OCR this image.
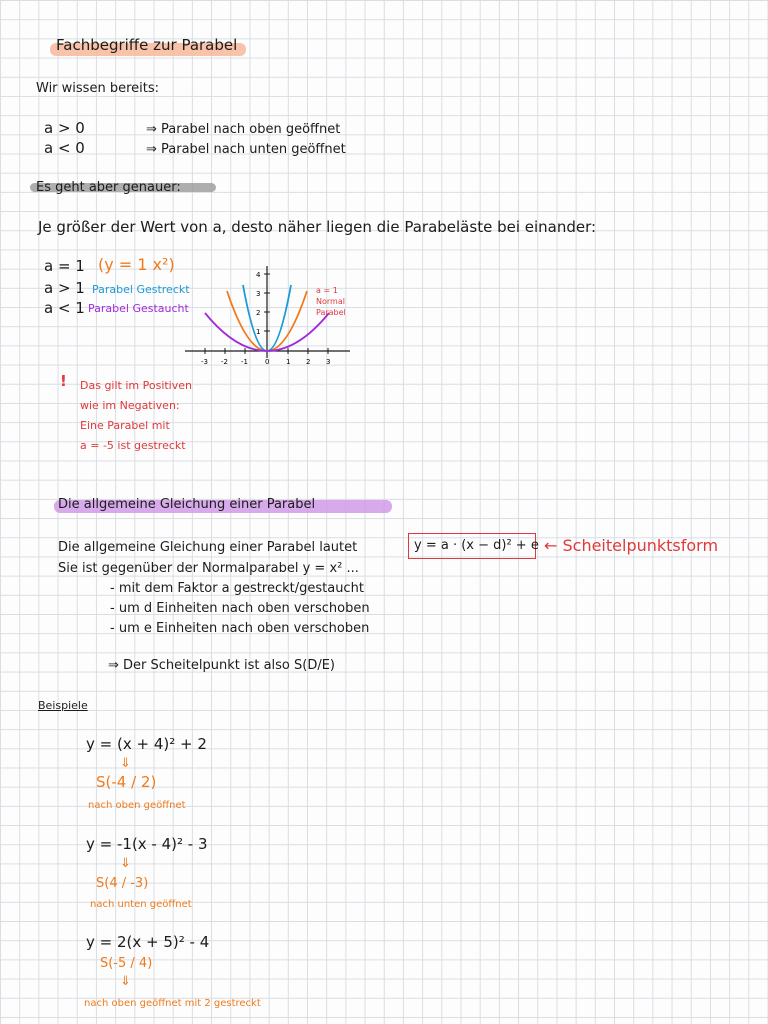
Fachbegriffe zur Parabel
Wir wissen bereits:
a > 0	⇒ Parabel nach oben geöffnet
a < 0	⇒ Parabel nach unten geöffnet
Es geht aber genauer:
Je größer der Wert von a, desto näher liegen die Parabeläste bei einander:
a = 1 (y = 1 x²)
a > 1 Parabel Gestreckt
a < 1 Parabel Gestaucht
-3 -2 -1 0 1 2 3
1
2
3
4
a = 1
Normal
Parabel
! Das gilt im Positiven
wie im Negativen:
Eine Parabel mit
a = -5 ist gestreckt
Die allgemeine Gleichung einer Parabel
Die allgemeine Gleichung einer Parabel lautet	y = a · (x − d)² + e ← Scheitelpunktsform
Sie ist gegenüber der Normalparabel y = x² ...
- mit dem Faktor a gestreckt/gestaucht
- um d Einheiten nach oben verschoben
- um e Einheiten nach oben verschoben
⇒ Der Scheitelpunkt ist also S(D/E)
Beispiele
y = (x + 4)² + 2
⇓
S(-4 / 2)
nach oben geöffnet
y = -1(x - 4)² - 3
⇓
S(4 / -3)
nach unten geöffnet
y = 2(x + 5)² - 4
S(-5 / 4)
⇓
nach oben geöffnet mit 2 gestreckt
